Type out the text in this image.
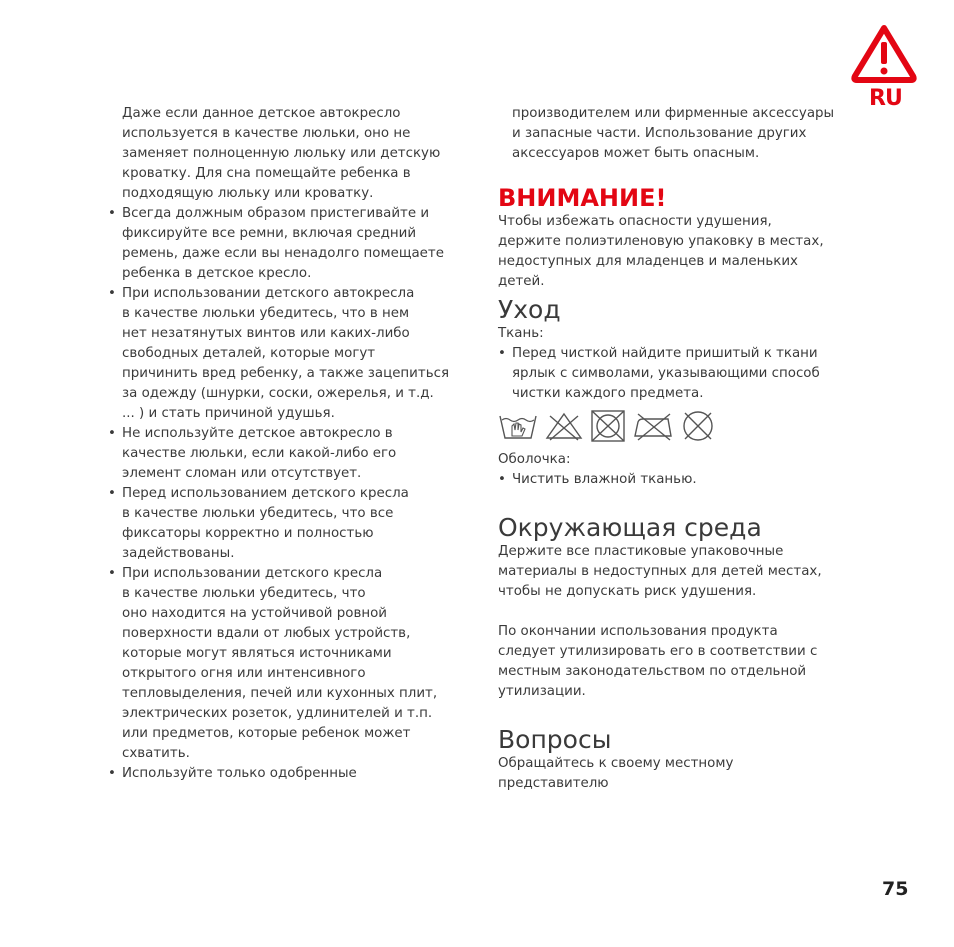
RU
Даже если данное детское автокресло
используется в качестве люльки, оно не
заменяет полноценную люльку или детскую
кроватку. Для сна помещайте ребенка в
подходящую люльку или кроватку.
• Всегда должным образом пристегивайте и
фиксируйте все ремни, включая средний
ремень, даже если вы ненадолго помещаете
ребенка в детское кресло.
• При использовании детского автокресла
в качестве люльки убедитесь, что в нем
нет незатянутых винтов или каких-либо
свободных деталей, которые могут
причинить вред ребенку, а также зацепиться
за одежду (шнурки, соски, ожерелья, и т.д.
... ) и стать причиной удушья.
• Не используйте детское автокресло в
качестве люльки, если какой-либо его
элемент сломан или отсутствует.
• Перед использованием детского кресла
в качестве люльки убедитесь, что все
фиксаторы корректно и полностью
задействованы.
• При использовании детского кресла
в качестве люльки убедитесь, что
оно находится на устойчивой ровной
поверхности вдали от любых устройств,
которые могут являться источниками
открытого огня или интенсивного
тепловыделения, печей или кухонных плит,
электрических розеток, удлинителей и т.п.
или предметов, которые ребенок может
схватить.
• Используйте только одобренные
производителем или фирменные аксессуары
и запасные части. Использование других
аксессуаров может быть опасным.
ВНИМАНИЕ!
Чтобы избежать опасности удушения,
держите полиэтиленовую упаковку в местах,
недоступных для младенцев и маленьких
детей.
Уход
Ткань:
• Перед чисткой найдите пришитый к ткани
ярлык с символами, указывающими способ
чистки каждого предмета.
Оболочка:
• Чистить влажной тканью.
Окружающая среда
Держите все пластиковые упаковочные
материалы в недоступных для детей местах,
чтобы не допускать риск удушения.
По окончании использования продукта
следует утилизировать его в соответствии с
местным законодательством по отдельной
утилизации.
Вопросы
Обращайтесь к своему местному
представителю
75
